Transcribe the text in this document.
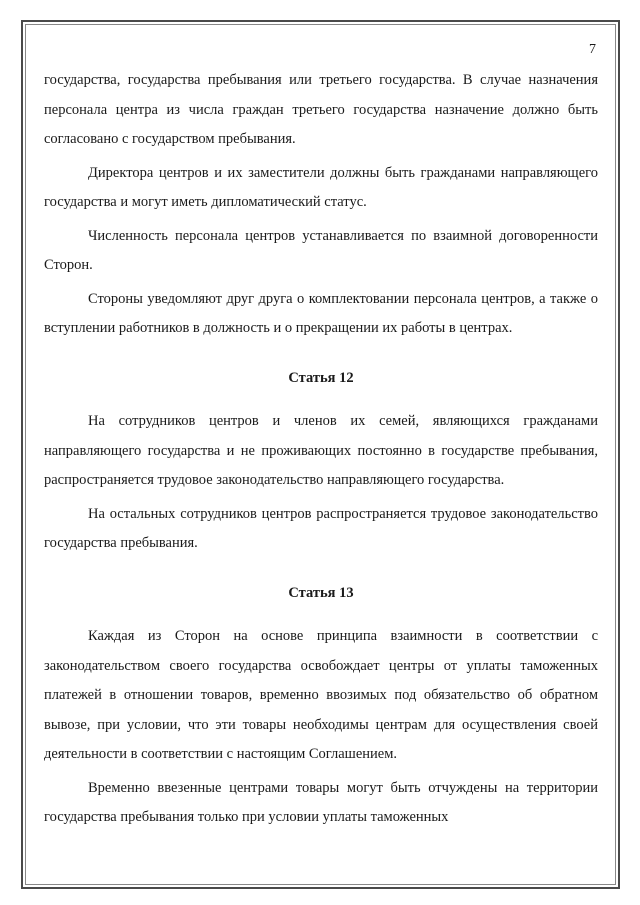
7

государства, государства пребывания или третьего государства. В случае назначения персонала центра из числа граждан третьего государства назначение должно быть согласовано с государством пребывания.

Директора центров и их заместители должны быть гражданами направляющего государства и могут иметь дипломатический статус.

Численность персонала центров устанавливается по взаимной договоренности Сторон.

Стороны уведомляют друг друга о комплектовании персонала центров, а также о вступлении работников в должность и о прекращении их работы в центрах.

Статья 12

На сотрудников центров и членов их семей, являющихся гражданами направляющего государства и не проживающих постоянно в государстве пребывания, распространяется трудовое законодательство направляющего государства.

На остальных сотрудников центров распространяется трудовое законодательство государства пребывания.

Статья 13

Каждая из Сторон на основе принципа взаимности в соответствии с законодательством своего государства освобождает центры от уплаты таможенных платежей в отношении товаров, временно ввозимых под обязательство об обратном вывозе, при условии, что эти товары необходимы центрам для осуществления своей деятельности в соответствии с настоящим Соглашением.

Временно ввезенные центрами товары могут быть отчуждены на территории государства пребывания только при условии уплаты таможенных
